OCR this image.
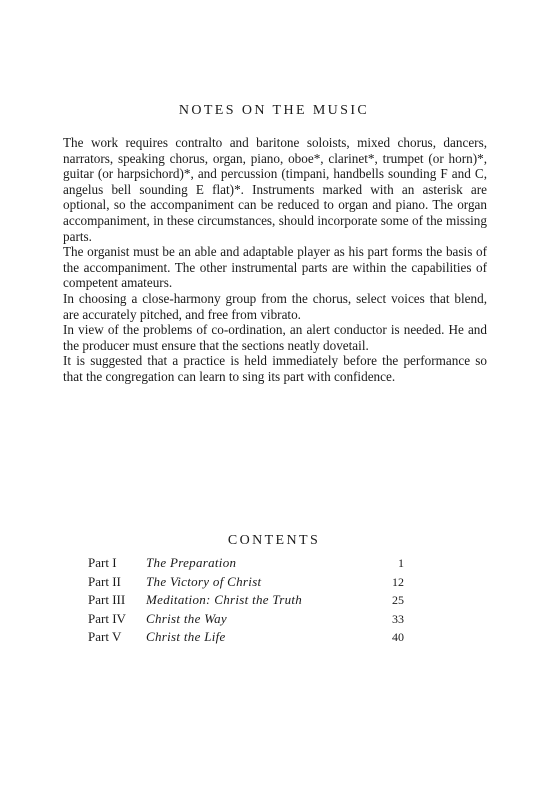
NOTES ON THE MUSIC

The work requires contralto and baritone soloists, mixed chorus, dancers, narrators, speaking chorus, organ, piano, oboe*, clarinet*, trumpet (or horn)*, guitar (or harpsichord)*, and percussion (timpani, handbells sounding F and C, angelus bell sounding E flat)*. Instruments marked with an asterisk are optional, so the accompaniment can be reduced to organ and piano. The organ accompaniment, in these circumstances, should incorporate some of the missing parts.

The organist must be an able and adaptable player as his part forms the basis of the accompaniment. The other instrumental parts are within the capabilities of competent amateurs.

In choosing a close-harmony group from the chorus, select voices that blend, are accurately pitched, and free from vibrato.

In view of the problems of co-ordination, an alert conductor is needed. He and the producer must ensure that the sections neatly dovetail.

It is suggested that a practice is held immediately before the performance so that the congregation can learn to sing its part with confidence.

CONTENTS
Part I	The Preparation	1
Part II	The Victory of Christ	12
Part III	Meditation: Christ the Truth	25
Part IV	Christ the Way	33
Part V	Christ the Life	40
